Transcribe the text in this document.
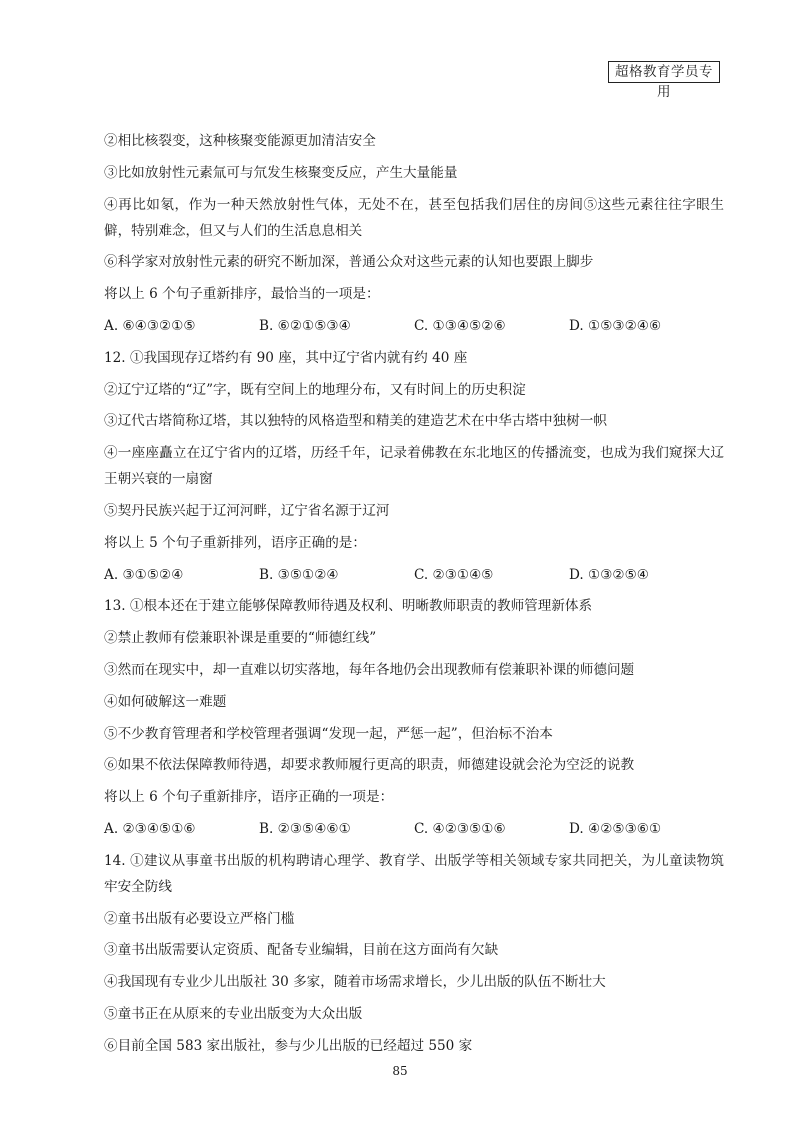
超格教育学员专用
②相比核裂变，这种核聚变能源更加清洁安全
③比如放射性元素氚可与氘发生核聚变反应，产生大量能量
④再比如氡，作为一种天然放射性气体，无处不在，甚至包括我们居住的房间⑤这些元素往往字眼生僻，特别难念，但又与人们的生活息息相关
⑥科学家对放射性元素的研究不断加深，普通公众对这些元素的认知也要跟上脚步
将以上 6 个句子重新排序，最恰当的一项是：
A. ⑥④③②①⑤	B. ⑥②①⑤③④	C. ①③④⑤②⑥	D. ①⑤③②④⑥
12. ①我国现存辽塔约有 90 座，其中辽宁省内就有约 40 座
②辽宁辽塔的“辽”字，既有空间上的地理分布，又有时间上的历史积淀
③辽代古塔简称辽塔，其以独特的风格造型和精美的建造艺术在中华古塔中独树一帜
④一座座矗立在辽宁省内的辽塔，历经千年，记录着佛教在东北地区的传播流变，也成为我们窥探大辽王朝兴衰的一扇窗
⑤契丹民族兴起于辽河河畔，辽宁省名源于辽河
将以上 5 个句子重新排列，语序正确的是：
A. ③①⑤②④	B. ③⑤①②④	C. ②③①④⑤	D. ①③②⑤④
13. ①根本还在于建立能够保障教师待遇及权利、明晰教师职责的教师管理新体系
②禁止教师有偿兼职补课是重要的“师德红线”
③然而在现实中，却一直难以切实落地，每年各地仍会出现教师有偿兼职补课的师德问题
④如何破解这一难题
⑤不少教育管理者和学校管理者强调“发现一起，严惩一起”，但治标不治本
⑥如果不依法保障教师待遇，却要求教师履行更高的职责，师德建设就会沦为空泛的说教
将以上 6 个句子重新排序，语序正确的一项是：
A. ②③④⑤①⑥	B. ②③⑤④⑥①	C. ④②③⑤①⑥	D. ④②⑤③⑥①
14. ①建议从事童书出版的机构聘请心理学、教育学、出版学等相关领域专家共同把关，为儿童读物筑牢安全防线
②童书出版有必要设立严格门槛
③童书出版需要认定资质、配备专业编辑，目前在这方面尚有欠缺
④我国现有专业少儿出版社 30 多家，随着市场需求增长，少儿出版的队伍不断壮大
⑤童书正在从原来的专业出版变为大众出版
⑥目前全国 583 家出版社，参与少儿出版的已经超过 550 家
85
